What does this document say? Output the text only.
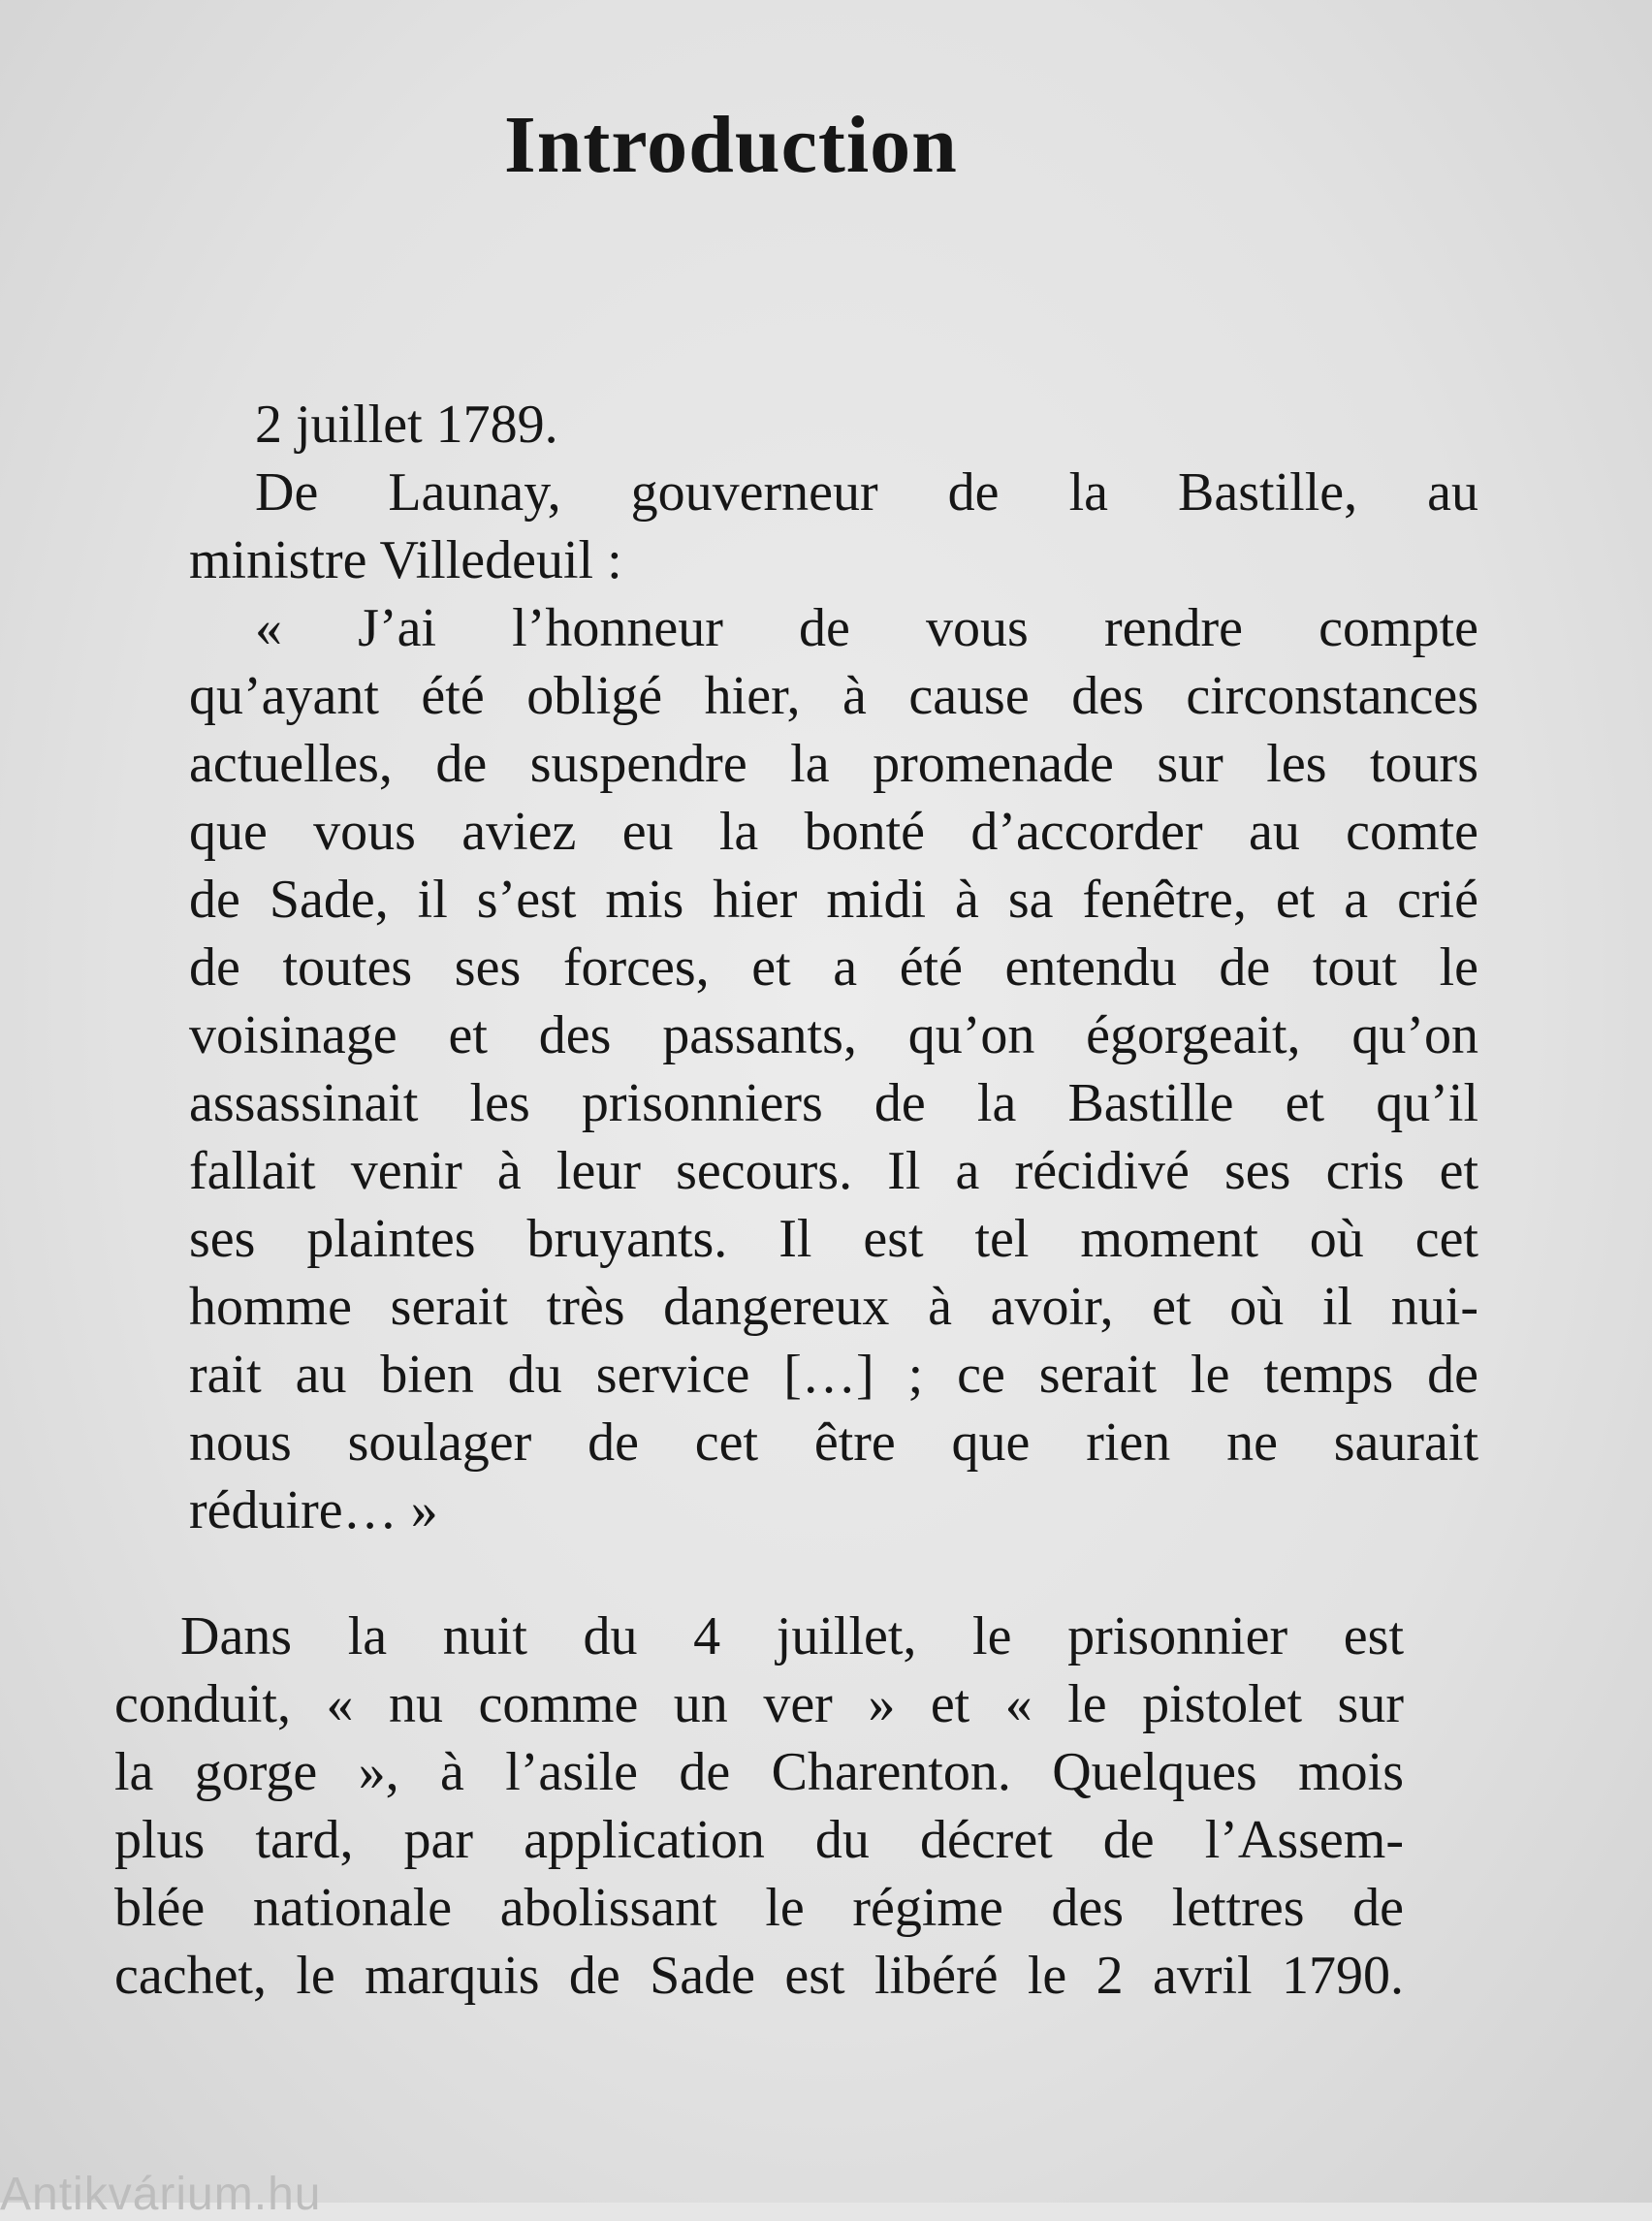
Introduction
2 juillet 1789.
De Launay, gouverneur de la Bastille, au
ministre Villedeuil :
« J’ai l’honneur de vous rendre compte
qu’ayant été obligé hier, à cause des circonstances
actuelles, de suspendre la promenade sur les tours
que vous aviez eu la bonté d’accorder au comte
de Sade, il s’est mis hier midi à sa fenêtre, et a crié
de toutes ses forces, et a été entendu de tout le
voisinage et des passants, qu’on égorgeait, qu’on
assassinait les prisonniers de la Bastille et qu’il
fallait venir à leur secours. Il a récidivé ses cris et
ses plaintes bruyants. Il est tel moment où cet
homme serait très dangereux à avoir, et où il nui-
rait au bien du service […] ; ce serait le temps de
nous soulager de cet être que rien ne saurait
réduire… »
Dans la nuit du 4 juillet, le prisonnier est
conduit, « nu comme un ver » et « le pistolet sur
la gorge », à l’asile de Charenton. Quelques mois
plus tard, par application du décret de l’Assem-
blée nationale abolissant le régime des lettres de
cachet, le marquis de Sade est libéré le 2 avril 1790.
Antikvárium.hu
